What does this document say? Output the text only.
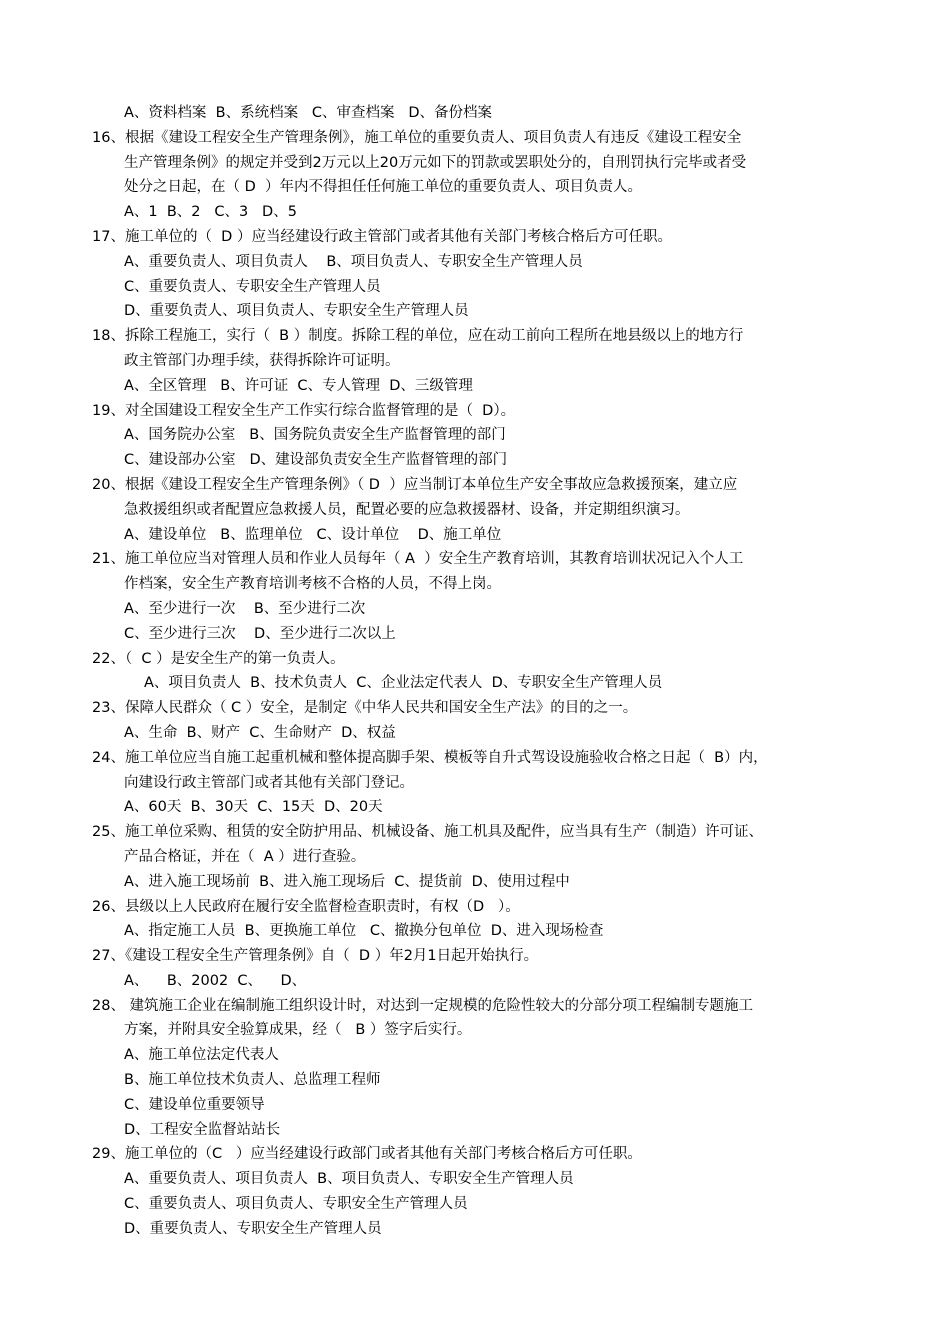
A、资料档案  B、系统档案   C、审查档案   D、备份档案
16、根据《建设工程安全生产管理条例》，施工单位的重要负责人、项目负责人有违反《建设工程安全
生产管理条例》的规定并受到2万元以上20万元如下的罚款或罢职处分的，自刑罚执行完毕或者受
处分之日起，在（ D  ）年内不得担任任何施工单位的重要负责人、项目负责人。
A、1  B、2   C、3   D、5
17、施工单位的（  D ）应当经建设行政主管部门或者其他有关部门考核合格后方可任职。
A、重要负责人、项目负责人    B、项目负责人、专职安全生产管理人员
C、重要负责人、专职安全生产管理人员
D、重要负责人、项目负责人、专职安全生产管理人员
18、拆除工程施工，实行（  B ）制度。拆除工程的单位，应在动工前向工程所在地县级以上的地方行
政主管部门办理手续，获得拆除许可证明。
A、全区管理   B、许可证  C、专人管理  D、三级管理
19、对全国建设工程安全生产工作实行综合监督管理的是（  D）。
A、国务院办公室   B、国务院负责安全生产监督管理的部门
C、建设部办公室   D、建设部负责安全生产监督管理的部门
20、根据《建设工程安全生产管理条例》（ D  ）应当制订本单位生产安全事故应急救援预案，建立应
急救援组织或者配置应急救援人员，配置必要的应急救援器材、设备，并定期组织演习。
A、建设单位   B、监理单位   C、设计单位    D、施工单位
21、施工单位应当对管理人员和作业人员每年（ A  ）安全生产教育培训，其教育培训状况记入个人工
作档案，安全生产教育培训考核不合格的人员，不得上岗。
A、至少进行一次    B、至少进行二次
C、至少进行三次    D、至少进行二次以上
22、（  C ）是安全生产的第一负责人。
A、项目负责人  B、技术负责人  C、企业法定代表人  D、专职安全生产管理人员
23、保障人民群众（ C ）安全，是制定《中华人民共和国安全生产法》的目的之一。
A、生命  B、财产  C、生命财产  D、权益
24、施工单位应当自施工起重机械和整体提高脚手架、模板等自升式驾设设施验收合格之日起（  B）内，
向建设行政主管部门或者其他有关部门登记。
A、60天  B、30天  C、15天  D、20天
25、施工单位采购、租赁的安全防护用品、机械设备、施工机具及配件，应当具有生产（制造）许可证、
产品合格证，并在（  A ）进行查验。
A、进入施工现场前  B、进入施工现场后  C、提货前  D、使用过程中
26、县级以上人民政府在履行安全监督检查职责时，有权（D   ）。
A、指定施工人员  B、更换施工单位   C、撤换分包单位  D、进入现场检查
27、《建设工程安全生产管理条例》自（  D ）年2月1日起开始执行。
A、    B、2002  C、    D、
28、 建筑施工企业在编制施工组织设计时，对达到一定规模的危险性较大的分部分项工程编制专题施工
方案，并附具安全验算成果，经（   B ）签字后实行。
A、施工单位法定代表人
B、施工单位技术负责人、总监理工程师
C、建设单位重要领导
D、工程安全监督站站长
29、施工单位的（C   ）应当经建设行政部门或者其他有关部门考核合格后方可任职。
A、重要负责人、项目负责人  B、项目负责人、专职安全生产管理人员
C、重要负责人、项目负责人、专职安全生产管理人员
D、重要负责人、专职安全生产管理人员
